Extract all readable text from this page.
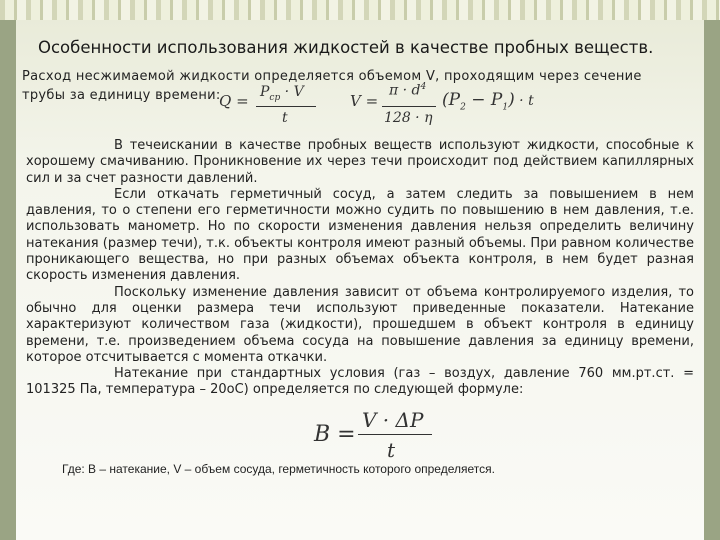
Особенности использования жидкостей в качестве пробных веществ.
Расход несжимаемой жидкости определяется объемом V, проходящим через сечение
трубы за единицу времени:
$Q = P_{ср} \cdot V$
t
V =
$\pi \cdot d^4$
128 · η
$(P_2 - P_1) \cdot t$

В течеискании в качестве пробных веществ используют жидкости, способные к хорошему смачиванию. Проникновение их через течи происходит под действием капиллярных сил и за счет разности давлений.

Если откачать герметичный сосуд, а затем следить за повышением в нем давления, то о степени его герметичности можно судить по повышению в нем давления, т.е. использовать манометр. Но по скорости изменения давления нельзя определить величину натекания (размер течи), т.к. объекты контроля имеют разный объемы. При равном количестве проникающего вещества, но при разных объемах объекта контроля, в нем будет разная скорость изменения давления.

Поскольку изменение давления зависит от объема контролируемого изделия, то обычно для оценки размера течи используют приведенные показатели. Натекание характеризуют количеством газа (жидкости), прошедшем в объект контроля в единицу времени, т.е. произведением объема сосуда на повышение давления за единицу времени, которое отсчитывается с момента откачки.

Натекание при стандартных условия (газ – воздух, давление 760 мм.рт.ст. = 101325 Па, температура – 20оС) определяется по следующей формуле:

B =
V · ΔP
t
Где: B – натекание, V – объем сосуда, герметичность которого определяется.
